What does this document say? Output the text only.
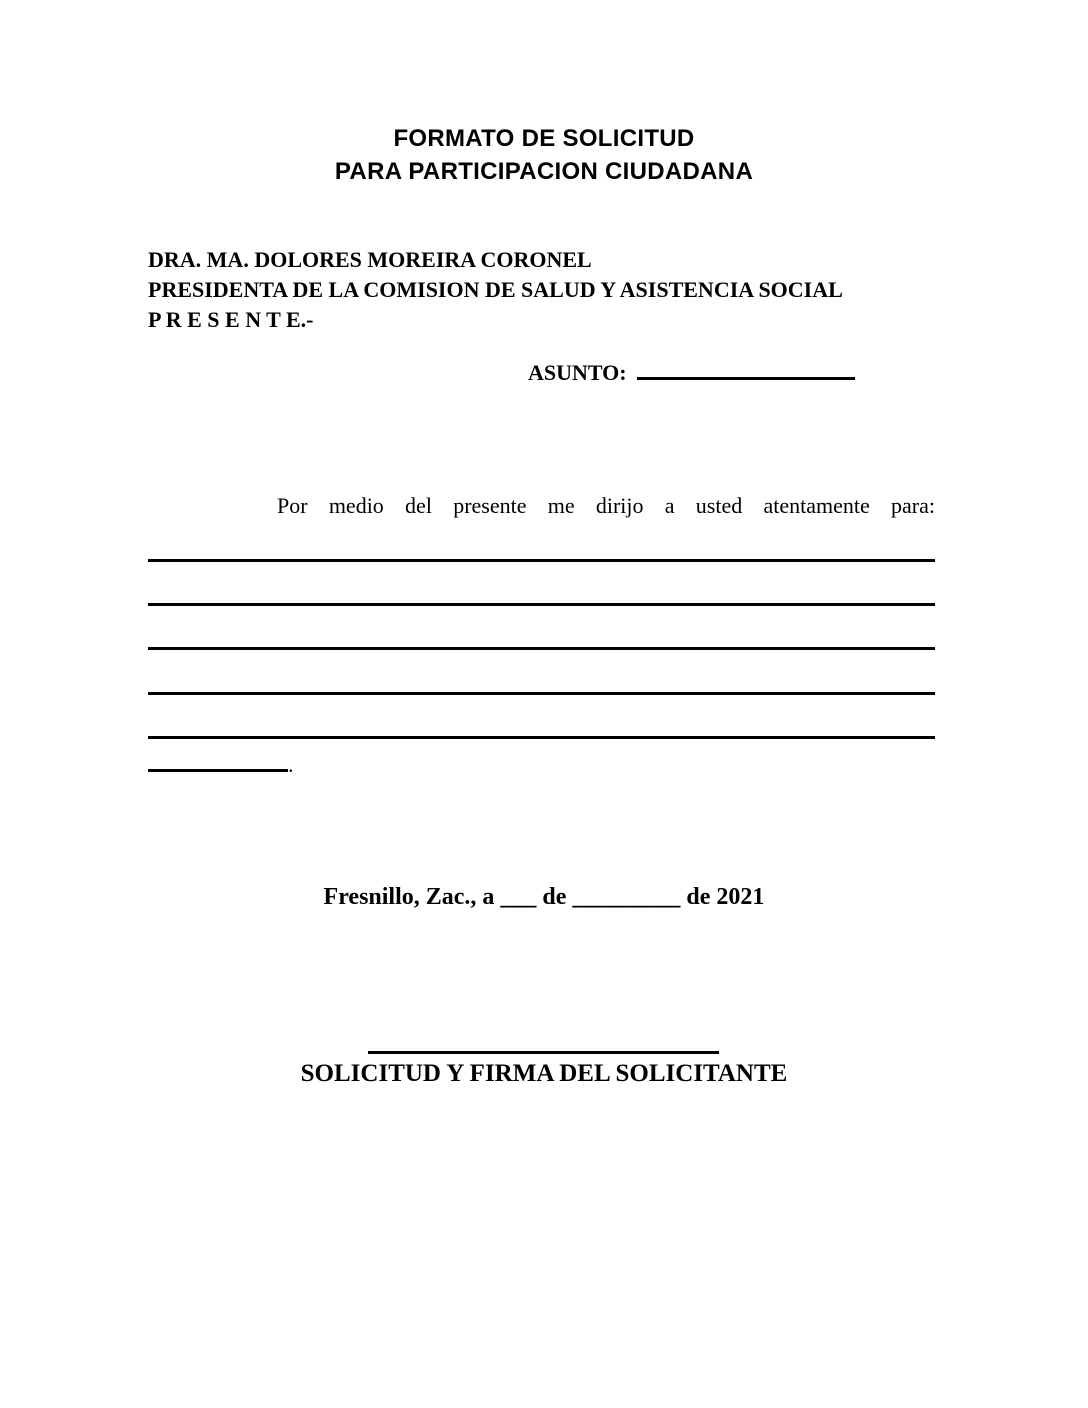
FORMATO DE SOLICITUD
PARA PARTICIPACION CIUDADANA
DRA. MA. DOLORES MOREIRA CORONEL
PRESIDENTA DE LA COMISION DE SALUD Y ASISTENCIA SOCIAL
P R E S E N T E.-
ASUNTO:
Por medio del presente me dirijo a usted atentamente para:
.
Fresnillo, Zac., a ___ de _________ de 2021
SOLICITUD Y FIRMA DEL SOLICITANTE
